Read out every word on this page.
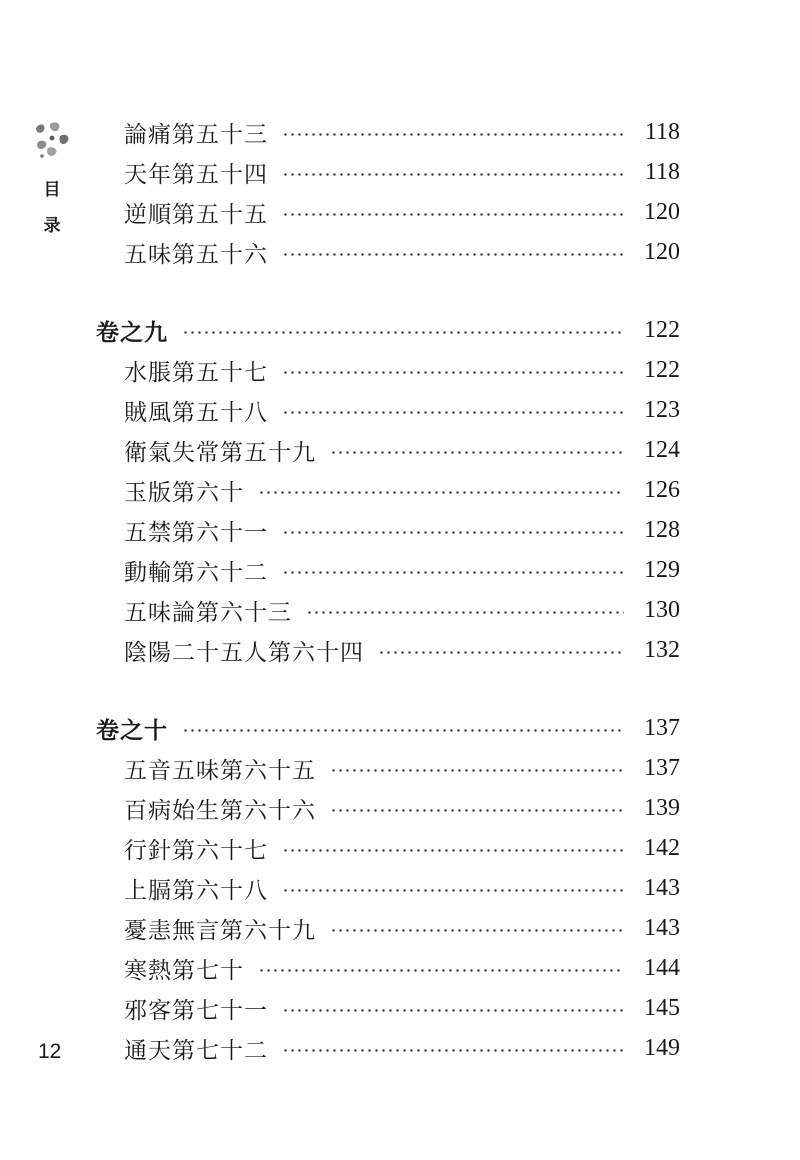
目
录
論痛第五十三	118
天年第五十四	118
逆順第五十五	120
五味第五十六	120
卷之九	122
水脹第五十七	122
賊風第五十八	123
衛氣失常第五十九	124
玉版第六十	126
五禁第六十一	128
動輸第六十二	129
五味論第六十三	130
陰陽二十五人第六十四	132
卷之十	137
五音五味第六十五	137
百病始生第六十六	139
行針第六十七	142
上膈第六十八	143
憂恚無言第六十九	143
寒熱第七十	144
邪客第七十一	145
通天第七十二	149
12
